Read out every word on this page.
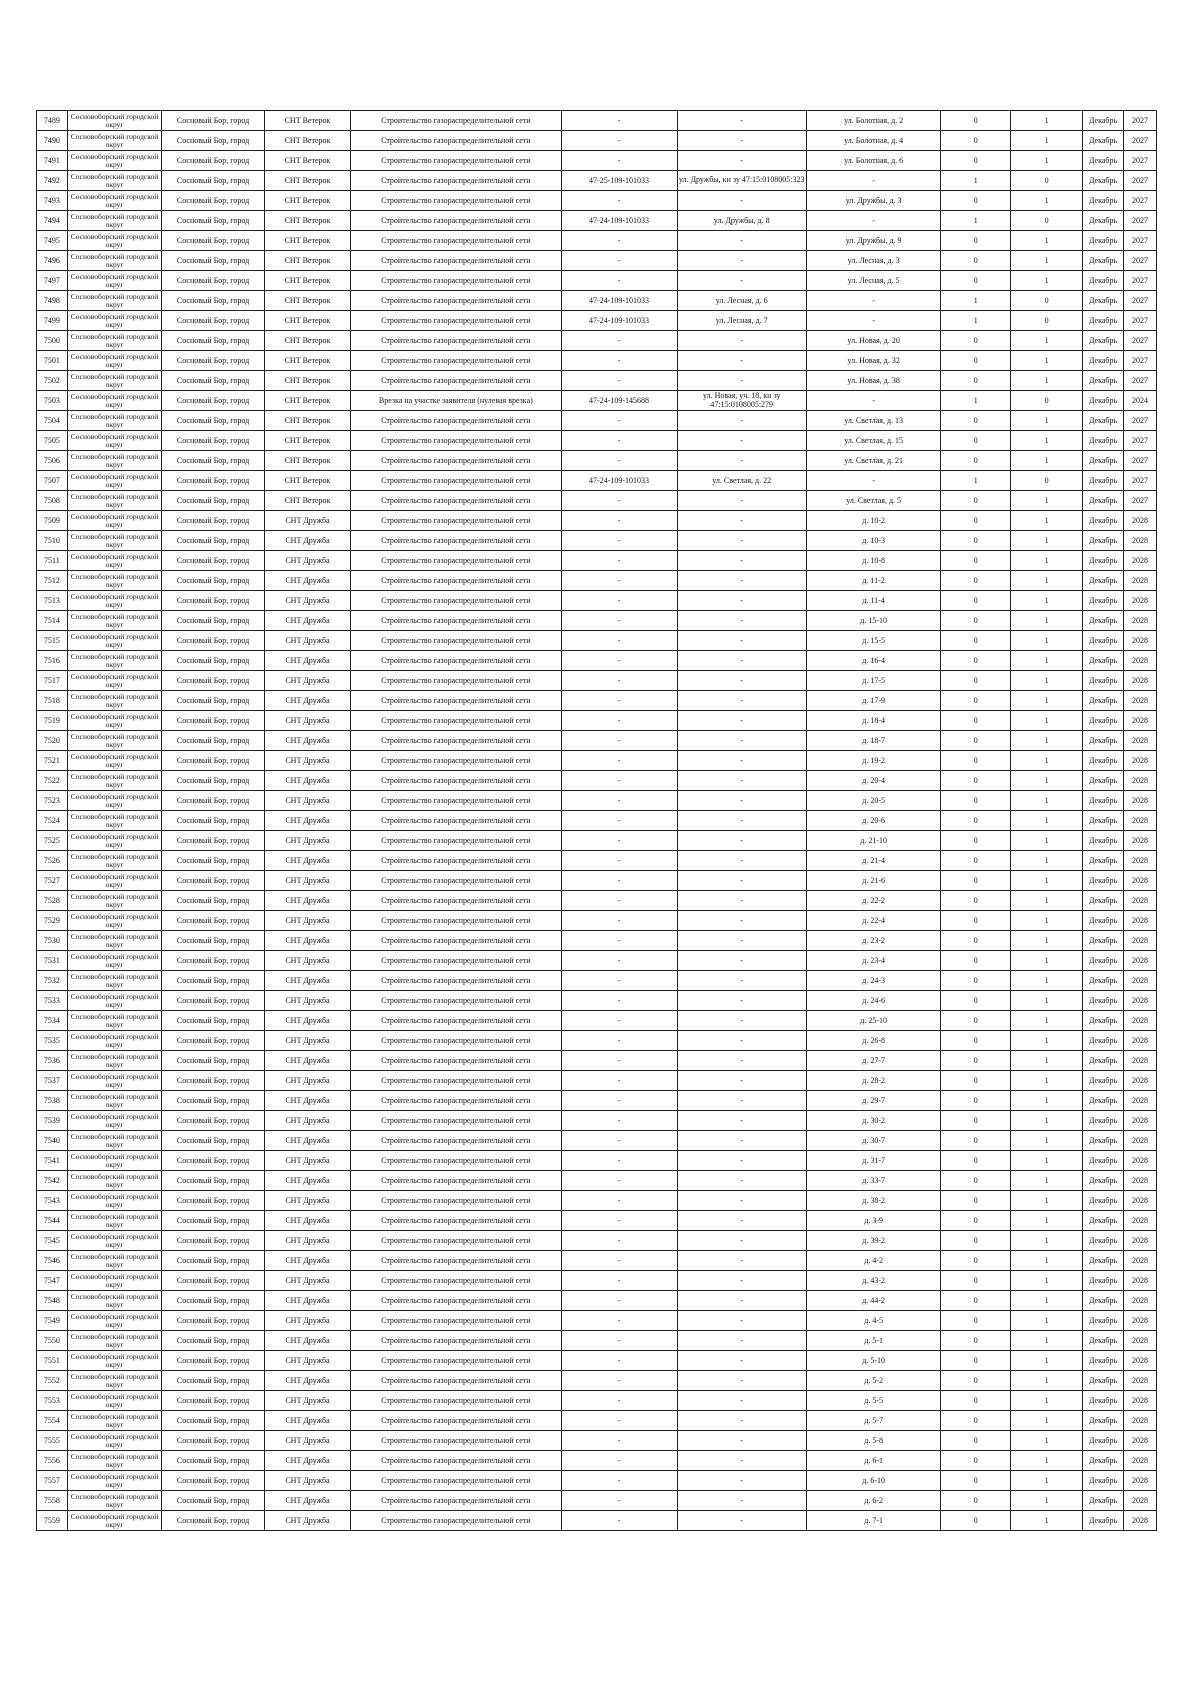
7489	Сосновоборский городской округ	Сосновый Бор, город	СНТ Ветерок	Строительство газораспределительной сети	-	-	ул. Болотная, д. 2	0	1	Декабрь	2027
7490	Сосновоборский городской округ	Сосновый Бор, город	СНТ Ветерок	Строительство газораспределительной сети	-	-	ул. Болотная, д. 4	0	1	Декабрь	2027
7491	Сосновоборский городской округ	Сосновый Бор, город	СНТ Ветерок	Строительство газораспределительной сети	-	-	ул. Болотная, д. 6	0	1	Декабрь	2027
7492	Сосновоборский городской округ	Сосновый Бор, город	СНТ Ветерок	Строительство газораспределительной сети	47-25-109-101033	ул. Дружбы, кн зу 47:15:0108005:323	-	1	0	Декабрь	2027
7493	Сосновоборский городской округ	Сосновый Бор, город	СНТ Ветерок	Строительство газораспределительной сети	-	-	ул. Дружбы, д. 3	0	1	Декабрь	2027
7494	Сосновоборский городской округ	Сосновый Бор, город	СНТ Ветерок	Строительство газораспределительной сети	47-24-109-101033	ул. Дружбы, д. 8	-	1	0	Декабрь	2027
7495	Сосновоборский городской округ	Сосновый Бор, город	СНТ Ветерок	Строительство газораспределительной сети	-	-	ул. Дружбы, д. 9	0	1	Декабрь	2027
7496	Сосновоборский городской округ	Сосновый Бор, город	СНТ Ветерок	Строительство газораспределительной сети	-	-	ул. Лесная, д. 3	0	1	Декабрь	2027
7497	Сосновоборский городской округ	Сосновый Бор, город	СНТ Ветерок	Строительство газораспределительной сети	-	-	ул. Лесная, д. 5	0	1	Декабрь	2027
7498	Сосновоборский городской округ	Сосновый Бор, город	СНТ Ветерок	Строительство газораспределительной сети	47-24-109-101033	ул. Лесная, д. 6	-	1	0	Декабрь	2027
7499	Сосновоборский городской округ	Сосновый Бор, город	СНТ Ветерок	Строительство газораспределительной сети	47-24-109-101033	ул. Лесная, д. 7	-	1	0	Декабрь	2027
7500	Сосновоборский городской округ	Сосновый Бор, город	СНТ Ветерок	Строительство газораспределительной сети	-	-	ул. Новая, д. 20	0	1	Декабрь	2027
7501	Сосновоборский городской округ	Сосновый Бор, город	СНТ Ветерок	Строительство газораспределительной сети	-	-	ул. Новая, д. 32	0	1	Декабрь	2027
7502	Сосновоборский городской округ	Сосновый Бор, город	СНТ Ветерок	Строительство газораспределительной сети	-	-	ул. Новая, д. 38	0	1	Декабрь	2027
7503	Сосновоборский городской округ	Сосновый Бор, город	СНТ Ветерок	Врезка на участке заявителя (нулевая врезка)	47-24-109-145688	ул. Новая, уч. 18, кн зу 47:15:0108005:279	-	1	0	Декабрь	2024
7504	Сосновоборский городской округ	Сосновый Бор, город	СНТ Ветерок	Строительство газораспределительной сети	-	-	ул. Светлая, д. 13	0	1	Декабрь	2027
7505	Сосновоборский городской округ	Сосновый Бор, город	СНТ Ветерок	Строительство газораспределительной сети	-	-	ул. Светлая, д. 15	0	1	Декабрь	2027
7506	Сосновоборский городской округ	Сосновый Бор, город	СНТ Ветерок	Строительство газораспределительной сети	-	-	ул. Светлая, д. 21	0	1	Декабрь	2027
7507	Сосновоборский городской округ	Сосновый Бор, город	СНТ Ветерок	Строительство газораспределительной сети	47-24-109-101033	ул. Светлая, д. 22	-	1	0	Декабрь	2027
7508	Сосновоборский городской округ	Сосновый Бор, город	СНТ Ветерок	Строительство газораспределительной сети	-	-	ул. Светлая, д. 5	0	1	Декабрь	2027
7509	Сосновоборский городской округ	Сосновый Бор, город	СНТ Дружба	Строительство газораспределительной сети	-	-	д. 10-2	0	1	Декабрь	2028
7510	Сосновоборский городской округ	Сосновый Бор, город	СНТ Дружба	Строительство газораспределительной сети	-	-	д. 10-3	0	1	Декабрь	2028
7511	Сосновоборский городской округ	Сосновый Бор, город	СНТ Дружба	Строительство газораспределительной сети	-	-	д. 10-8	0	1	Декабрь	2028
7512	Сосновоборский городской округ	Сосновый Бор, город	СНТ Дружба	Строительство газораспределительной сети	-	-	д. 11-2	0	1	Декабрь	2028
7513	Сосновоборский городской округ	Сосновый Бор, город	СНТ Дружба	Строительство газораспределительной сети	-	-	д. 11-4	0	1	Декабрь	2028
7514	Сосновоборский городской округ	Сосновый Бор, город	СНТ Дружба	Строительство газораспределительной сети	-	-	д. 15-10	0	1	Декабрь	2028
7515	Сосновоборский городской округ	Сосновый Бор, город	СНТ Дружба	Строительство газораспределительной сети	-	-	д. 15-5	0	1	Декабрь	2028
7516	Сосновоборский городской округ	Сосновый Бор, город	СНТ Дружба	Строительство газораспределительной сети	-	-	д. 16-4	0	1	Декабрь	2028
7517	Сосновоборский городской округ	Сосновый Бор, город	СНТ Дружба	Строительство газораспределительной сети	-	-	д. 17-5	0	1	Декабрь	2028
7518	Сосновоборский городской округ	Сосновый Бор, город	СНТ Дружба	Строительство газораспределительной сети	-	-	д. 17-9	0	1	Декабрь	2028
7519	Сосновоборский городской округ	Сосновый Бор, город	СНТ Дружба	Строительство газораспределительной сети	-	-	д. 18-4	0	1	Декабрь	2028
7520	Сосновоборский городской округ	Сосновый Бор, город	СНТ Дружба	Строительство газораспределительной сети	-	-	д. 18-7	0	1	Декабрь	2028
7521	Сосновоборский городской округ	Сосновый Бор, город	СНТ Дружба	Строительство газораспределительной сети	-	-	д. 19-2	0	1	Декабрь	2028
7522	Сосновоборский городской округ	Сосновый Бор, город	СНТ Дружба	Строительство газораспределительной сети	-	-	д. 20-4	0	1	Декабрь	2028
7523	Сосновоборский городской округ	Сосновый Бор, город	СНТ Дружба	Строительство газораспределительной сети	-	-	д. 20-5	0	1	Декабрь	2028
7524	Сосновоборский городской округ	Сосновый Бор, город	СНТ Дружба	Строительство газораспределительной сети	-	-	д. 20-6	0	1	Декабрь	2028
7525	Сосновоборский городской округ	Сосновый Бор, город	СНТ Дружба	Строительство газораспределительной сети	-	-	д. 21-10	0	1	Декабрь	2028
7526	Сосновоборский городской округ	Сосновый Бор, город	СНТ Дружба	Строительство газораспределительной сети	-	-	д. 21-4	0	1	Декабрь	2028
7527	Сосновоборский городской округ	Сосновый Бор, город	СНТ Дружба	Строительство газораспределительной сети	-	-	д. 21-6	0	1	Декабрь	2028
7528	Сосновоборский городской округ	Сосновый Бор, город	СНТ Дружба	Строительство газораспределительной сети	-	-	д. 22-2	0	1	Декабрь	2028
7529	Сосновоборский городской округ	Сосновый Бор, город	СНТ Дружба	Строительство газораспределительной сети	-	-	д. 22-4	0	1	Декабрь	2028
7530	Сосновоборский городской округ	Сосновый Бор, город	СНТ Дружба	Строительство газораспределительной сети	-	-	д. 23-2	0	1	Декабрь	2028
7531	Сосновоборский городской округ	Сосновый Бор, город	СНТ Дружба	Строительство газораспределительной сети	-	-	д. 23-4	0	1	Декабрь	2028
7532	Сосновоборский городской округ	Сосновый Бор, город	СНТ Дружба	Строительство газораспределительной сети	-	-	д. 24-3	0	1	Декабрь	2028
7533	Сосновоборский городской округ	Сосновый Бор, город	СНТ Дружба	Строительство газораспределительной сети	-	-	д. 24-6	0	1	Декабрь	2028
7534	Сосновоборский городской округ	Сосновый Бор, город	СНТ Дружба	Строительство газораспределительной сети	-	-	д. 25-10	0	1	Декабрь	2028
7535	Сосновоборский городской округ	Сосновый Бор, город	СНТ Дружба	Строительство газораспределительной сети	-	-	д. 26-8	0	1	Декабрь	2028
7536	Сосновоборский городской округ	Сосновый Бор, город	СНТ Дружба	Строительство газораспределительной сети	-	-	д. 27-7	0	1	Декабрь	2028
7537	Сосновоборский городской округ	Сосновый Бор, город	СНТ Дружба	Строительство газораспределительной сети	-	-	д. 28-2	0	1	Декабрь	2028
7538	Сосновоборский городской округ	Сосновый Бор, город	СНТ Дружба	Строительство газораспределительной сети	-	-	д. 29-7	0	1	Декабрь	2028
7539	Сосновоборский городской округ	Сосновый Бор, город	СНТ Дружба	Строительство газораспределительной сети	-	-	д. 30-2	0	1	Декабрь	2028
7540	Сосновоборский городской округ	Сосновый Бор, город	СНТ Дружба	Строительство газораспределительной сети	-	-	д. 30-7	0	1	Декабрь	2028
7541	Сосновоборский городской округ	Сосновый Бор, город	СНТ Дружба	Строительство газораспределительной сети	-	-	д. 31-7	0	1	Декабрь	2028
7542	Сосновоборский городской округ	Сосновый Бор, город	СНТ Дружба	Строительство газораспределительной сети	-	-	д. 33-7	0	1	Декабрь	2028
7543	Сосновоборский городской округ	Сосновый Бор, город	СНТ Дружба	Строительство газораспределительной сети	-	-	д. 38-2	0	1	Декабрь	2028
7544	Сосновоборский городской округ	Сосновый Бор, город	СНТ Дружба	Строительство газораспределительной сети	-	-	д. 3-9	0	1	Декабрь	2028
7545	Сосновоборский городской округ	Сосновый Бор, город	СНТ Дружба	Строительство газораспределительной сети	-	-	д. 39-2	0	1	Декабрь	2028
7546	Сосновоборский городской округ	Сосновый Бор, город	СНТ Дружба	Строительство газораспределительной сети	-	-	д. 4-2	0	1	Декабрь	2028
7547	Сосновоборский городской округ	Сосновый Бор, город	СНТ Дружба	Строительство газораспределительной сети	-	-	д. 43-2	0	1	Декабрь	2028
7548	Сосновоборский городской округ	Сосновый Бор, город	СНТ Дружба	Строительство газораспределительной сети	-	-	д. 44-2	0	1	Декабрь	2028
7549	Сосновоборский городской округ	Сосновый Бор, город	СНТ Дружба	Строительство газораспределительной сети	-	-	д. 4-5	0	1	Декабрь	2028
7550	Сосновоборский городской округ	Сосновый Бор, город	СНТ Дружба	Строительство газораспределительной сети	-	-	д. 5-1	0	1	Декабрь	2028
7551	Сосновоборский городской округ	Сосновый Бор, город	СНТ Дружба	Строительство газораспределительной сети	-	-	д. 5-10	0	1	Декабрь	2028
7552	Сосновоборский городской округ	Сосновый Бор, город	СНТ Дружба	Строительство газораспределительной сети	-	-	д. 5-2	0	1	Декабрь	2028
7553	Сосновоборский городской округ	Сосновый Бор, город	СНТ Дружба	Строительство газораспределительной сети	-	-	д. 5-5	0	1	Декабрь	2028
7554	Сосновоборский городской округ	Сосновый Бор, город	СНТ Дружба	Строительство газораспределительной сети	-	-	д. 5-7	0	1	Декабрь	2028
7555	Сосновоборский городской округ	Сосновый Бор, город	СНТ Дружба	Строительство газораспределительной сети	-	-	д. 5-8	0	1	Декабрь	2028
7556	Сосновоборский городской округ	Сосновый Бор, город	СНТ Дружба	Строительство газораспределительной сети	-	-	д. 6-1	0	1	Декабрь	2028
7557	Сосновоборский городской округ	Сосновый Бор, город	СНТ Дружба	Строительство газораспределительной сети	-	-	д. 6-10	0	1	Декабрь	2028
7558	Сосновоборский городской округ	Сосновый Бор, город	СНТ Дружба	Строительство газораспределительной сети	-	-	д. 6-2	0	1	Декабрь	2028
7559	Сосновоборский городской округ	Сосновый Бор, город	СНТ Дружба	Строительство газораспределительной сети	-	-	д. 7-1	0	1	Декабрь	2028
